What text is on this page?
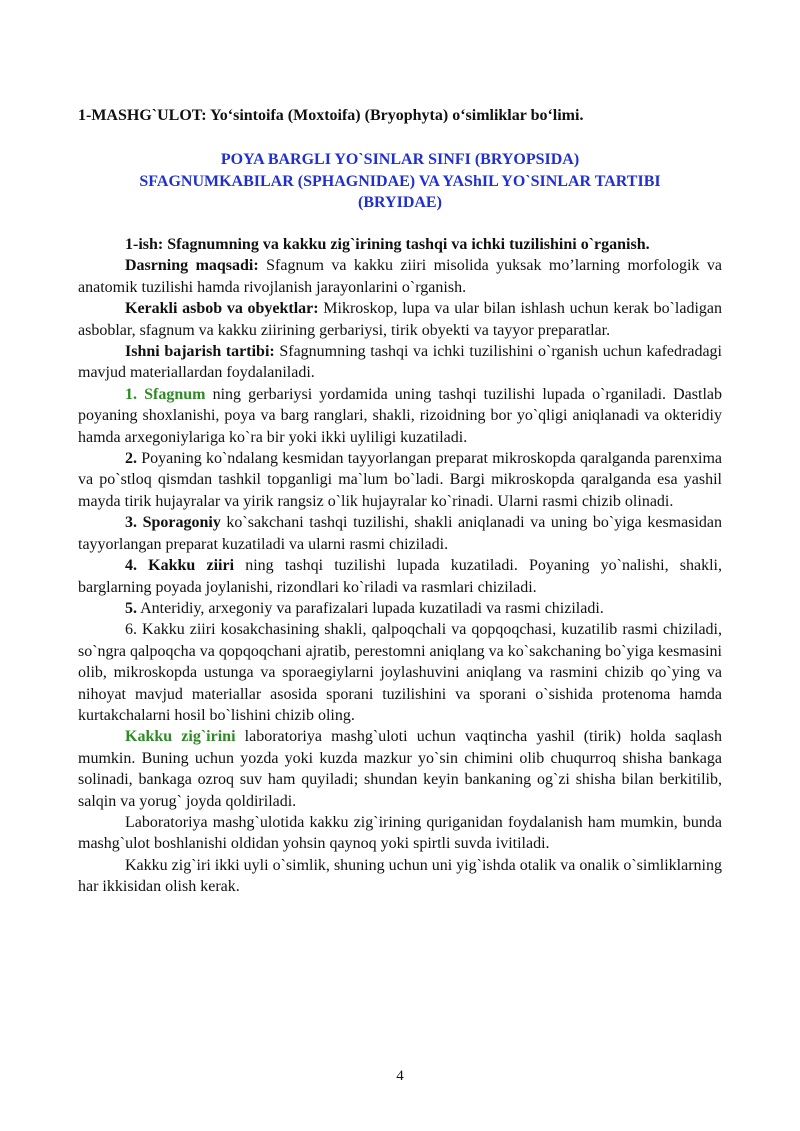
1-MASHG`ULOT: Yo‘sintoifa (Moxtoifa) (Bryophyta) o‘simliklar bo‘limi.
POYA BARGLI YO`SINLAR SINFI (BRYOPSIDA)
SFAGNUMKABILAR (SPHAGNIDAE) VA YAShIL YO`SINLAR TARTIBI
(BRYIDAE)

1-ish: Sfagnumning va kakku zig`irining tashqi va ichki tuzilishini o`rganish.

Dasrning maqsadi: Sfagnum va kakku ziiri misolida yuksak mo’larning morfologik va anatomik tuzilishi hamda rivojlanish jarayonlarini o`rganish.

Kerakli asbob va obyektlar: Mikroskop, lupa va ular bilan ishlash uchun kerak bo`ladigan asboblar, sfagnum va kakku ziirining gerbariysi, tirik obyekti va tayyor preparatlar.

Ishni bajarish tartibi: Sfagnumning tashqi va ichki tuzilishini o`rganish uchun kafedradagi mavjud materiallardan foydalaniladi.

1. Sfagnum ning gerbariysi yordamida uning tashqi tuzilishi lupada o`rganiladi. Dastlab poyaning shoxlanishi, poya va barg ranglari, shakli, rizoidning bor yo`qligi aniqlanadi va okteridiy hamda arxegoniylariga ko`ra bir yoki ikki uyliligi kuzatiladi.

2. Poyaning ko`ndalang kesmidan tayyorlangan preparat mikroskopda qaralganda parenxima va po`stloq qismdan tashkil topganligi ma`lum bo`ladi. Bargi mikroskopda qaralganda esa yashil mayda tirik hujayralar va yirik rangsiz o`lik hujayralar ko`rinadi. Ularni rasmi chizib olinadi.

3. Sporagoniy ko`sakchani tashqi tuzilishi, shakli aniqlanadi va uning bo`yiga kesmasidan tayyorlangan preparat kuzatiladi va ularni rasmi chiziladi.

4. Kakku ziiri ning tashqi tuzilishi lupada kuzatiladi. Poyaning yo`nalishi, shakli, barglarning poyada joylanishi, rizondlari ko`riladi va rasmlari chiziladi.

5. Anteridiy, arxegoniy va parafizalari lupada kuzatiladi va rasmi chiziladi.

6. Kakku ziiri kosakchasining shakli, qalpoqchali va qopqoqchasi, kuzatilib rasmi chiziladi, so`ngra qalpoqcha va qopqoqchani ajratib, perestomni aniqlang va ko`sakchaning bo`yiga kesmasini olib, mikroskopda ustunga va sporaegiylarni joylashuvini aniqlang va rasmini chizib qo`ying va nihoyat mavjud materiallar asosida sporani tuzilishini va sporani o`sishida protenoma hamda kurtakchalarni hosil bo`lishini chizib oling.

Kakku zig`irini laboratoriya mashg`uloti uchun vaqtincha yashil (tirik) holda saqlash mumkin. Buning uchun yozda yoki kuzda mazkur yo`sin chimini olib chuqurroq shisha bankaga solinadi, bankaga ozroq suv ham quyiladi; shundan keyin bankaning og`zi shisha bilan berkitilib, salqin va yorug` joyda qoldiriladi.

Laboratoriya mashg`ulotida kakku zig`irining quriganidan foydalanish ham mumkin, bunda mashg`ulot boshlanishi oldidan yohsin qaynoq yoki spirtli suvda ivitiladi.

Kakku zig`iri ikki uyli o`simlik, shuning uchun uni yig`ishda otalik va onalik o`simliklarning har ikkisidan olish kerak.

4
